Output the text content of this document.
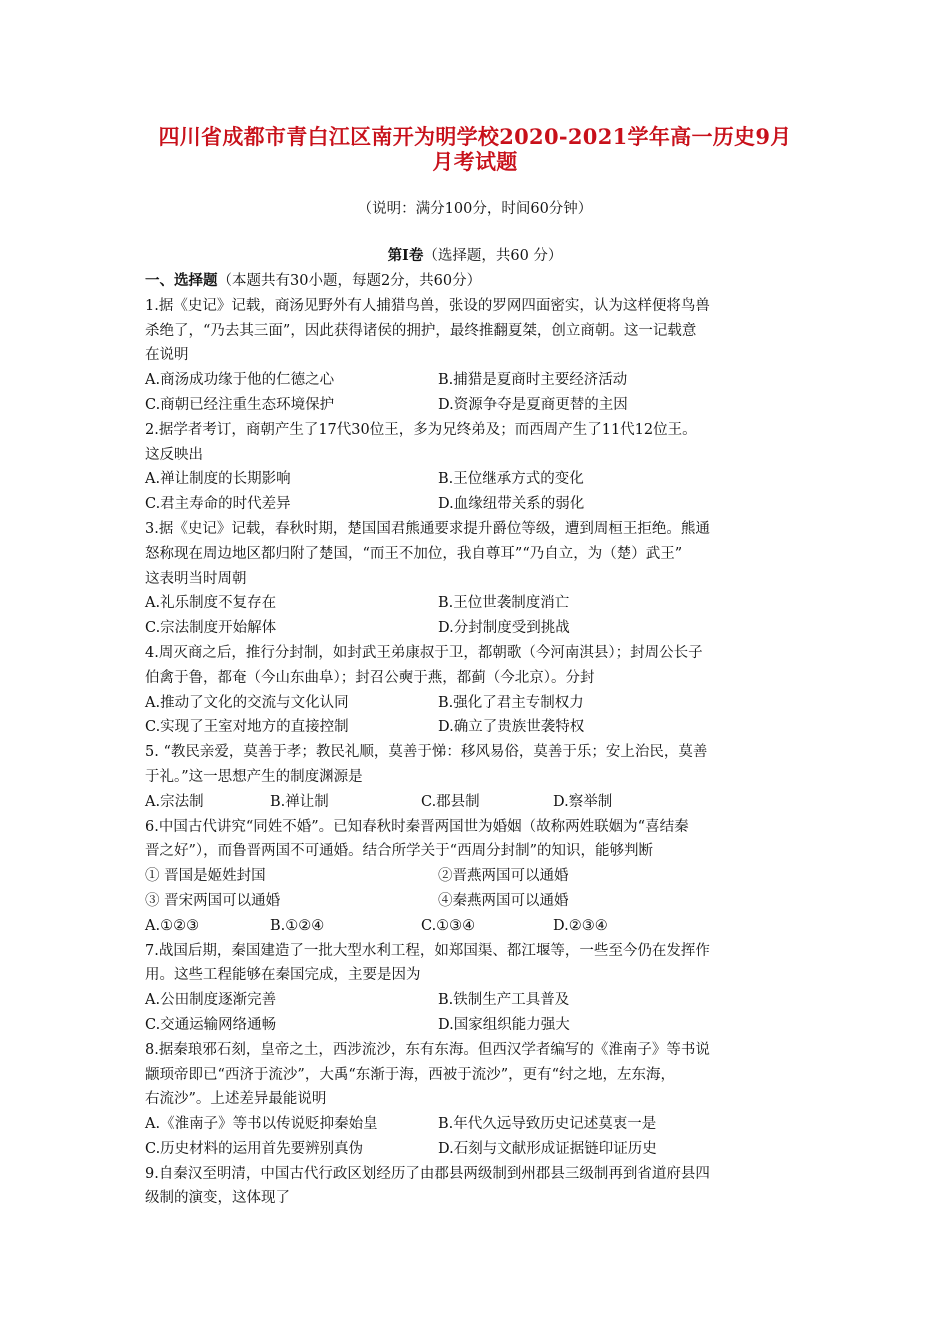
四川省成都市青白江区南开为明学校2020-2021学年高一历史9月
月考试题
（说明：满分100分，时间60分钟）
第Ⅰ卷（选择题，共60 分）
一、选择题（本题共有30小题，每题2分，共60分）
1.据《史记》记载，商汤见野外有人捕猎鸟兽，张设的罗网四面密实，认为这样便将鸟兽
杀绝了，“乃去其三面”，因此获得诸侯的拥护，最终推翻夏桀，创立商朝。这一记载意
在说明
A.商汤成功缘于他的仁德之心	B.捕猎是夏商时主要经济活动
C.商朝已经注重生态环境保护	D.资源争夺是夏商更替的主因
2.据学者考订，商朝产生了17代30位王，多为兄终弟及；而西周产生了11代12位王。
这反映出
A.禅让制度的长期影响	B.王位继承方式的变化
C.君主寿命的时代差异	D.血缘纽带关系的弱化
3.据《史记》记载，春秋时期，楚国国君熊通要求提升爵位等级，遭到周桓王拒绝。熊通
怒称现在周边地区都归附了楚国，“而王不加位，我自尊耳”“乃自立，为（楚）武王”
这表明当时周朝
A.礼乐制度不复存在	B.王位世袭制度消亡
C.宗法制度开始解体	D.分封制度受到挑战
4.周灭商之后，推行分封制，如封武王弟康叔于卫，都朝歌（今河南淇县）；封周公长子
伯禽于鲁，都奄（今山东曲阜）；封召公奭于燕，都蓟（今北京）。分封
A.推动了文化的交流与文化认同	B.强化了君主专制权力
C.实现了王室对地方的直接控制	D.确立了贵族世袭特权
5. “教民亲爱，莫善于孝；教民礼顺，莫善于悌：移风易俗，莫善于乐；安上治民，莫善
于礼。”这一思想产生的制度渊源是
A.宗法制	B.禅让制	C.郡县制	D.察举制
6.中国古代讲究“同姓不婚”。已知春秋时秦晋两国世为婚姻（故称两姓联姻为“喜结秦
晋之好”），而鲁晋两国不可通婚。结合所学关于“西周分封制”的知识，能够判断
① 晋国是姬姓封国	②晋燕两国可以通婚
③ 晋宋两国可以通婚	④秦燕两国可以通婚
A.①②③	B.①②④	C.①③④	D.②③④
7.战国后期，秦国建造了一批大型水利工程，如郑国渠、都江堰等，一些至今仍在发挥作
用。这些工程能够在秦国完成，主要是因为
A.公田制度逐渐完善	B.铁制生产工具普及
C.交通运输网络通畅	D.国家组织能力强大
8.据秦琅邪石刻，皇帝之土，西涉流沙，东有东海。但西汉学者编写的《淮南子》等书说
颛顼帝即已“西济于流沙”，大禹“东渐于海，西被于流沙”，更有“纣之地，左东海，
右流沙”。上述差异最能说明
A.《淮南子》等书以传说贬抑秦始皇	B.年代久远导致历史记述莫衷一是
C.历史材料的运用首先要辨别真伪	D.石刻与文献形成证据链印证历史
9.自秦汉至明清，中国古代行政区划经历了由郡县两级制到州郡县三级制再到省道府县四
级制的演变，这体现了
